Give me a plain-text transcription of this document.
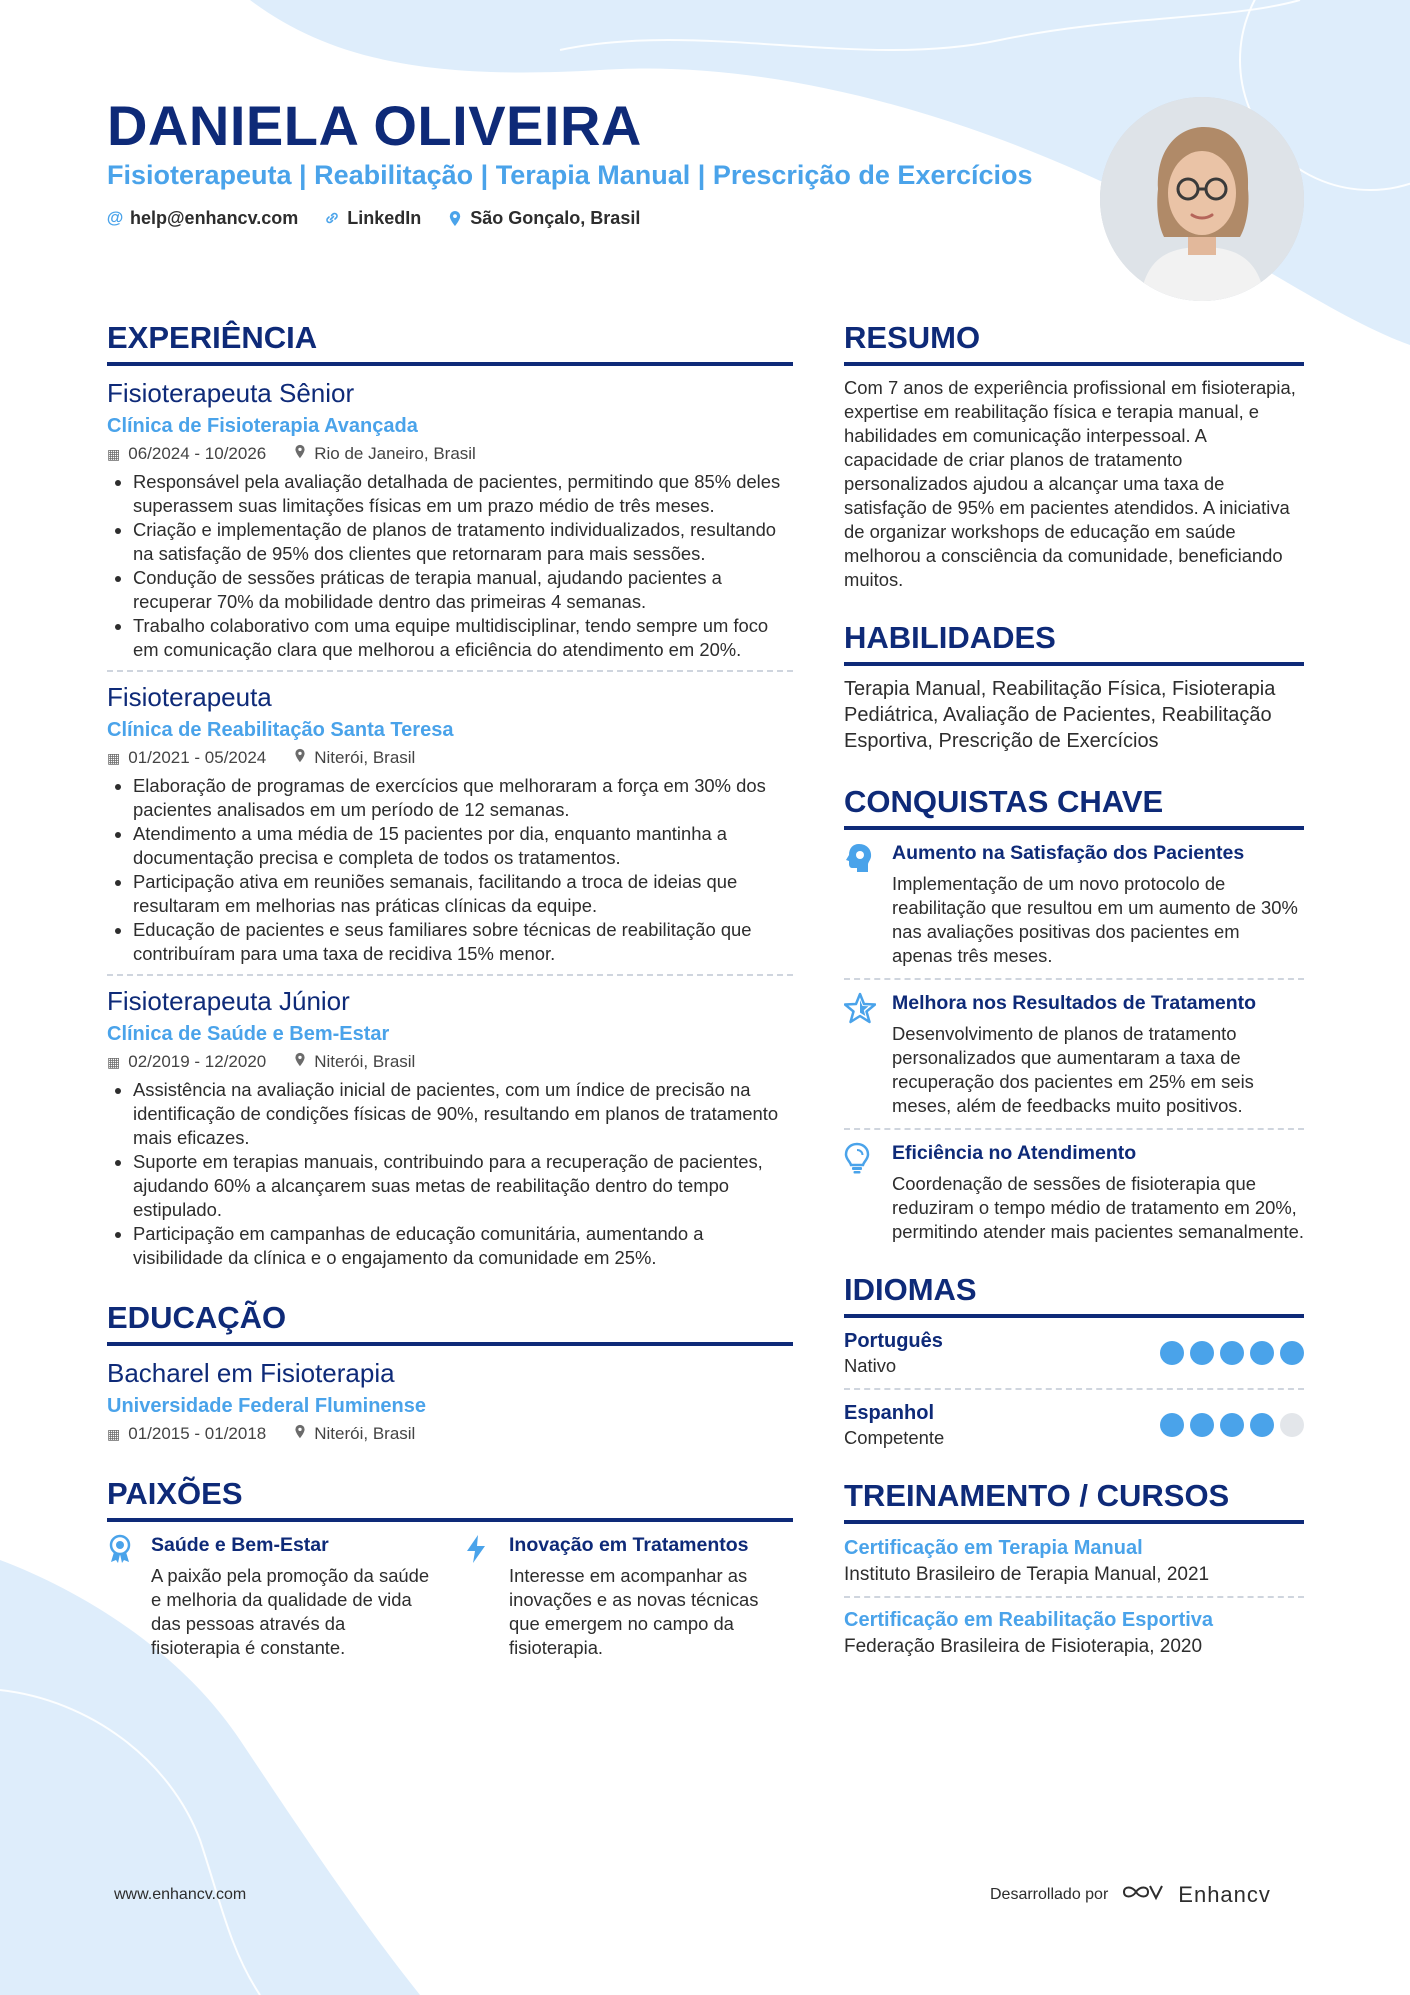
DANIELA OLIVEIRA
Fisioterapeuta | Reabilitação | Terapia Manual | Prescrição de Exercícios
@ help@enhancv.com	LinkedIn	São Gonçalo, Brasil
EXPERIÊNCIA
Fisioterapeuta Sênior
Clínica de Fisioterapia Avançada
▦ 06/2024 - 10/2026	Rio de Janeiro, Brasil
• Responsável pela avaliação detalhada de pacientes, permitindo que 85% deles superassem suas limitações físicas em um prazo médio de três meses.
• Criação e implementação de planos de tratamento individualizados, resultando na satisfação de 95% dos clientes que retornaram para mais sessões.
• Condução de sessões práticas de terapia manual, ajudando pacientes a recuperar 70% da mobilidade dentro das primeiras 4 semanas.
• Trabalho colaborativo com uma equipe multidisciplinar, tendo sempre um foco em comunicação clara que melhorou a eficiência do atendimento em 20%.
Fisioterapeuta
Clínica de Reabilitação Santa Teresa
▦ 01/2021 - 05/2024	Niterói, Brasil
• Elaboração de programas de exercícios que melhoraram a força em 30% dos pacientes analisados em um período de 12 semanas.
• Atendimento a uma média de 15 pacientes por dia, enquanto mantinha a documentação precisa e completa de todos os tratamentos.
• Participação ativa em reuniões semanais, facilitando a troca de ideias que resultaram em melhorias nas práticas clínicas da equipe.
• Educação de pacientes e seus familiares sobre técnicas de reabilitação que contribuíram para uma taxa de recidiva 15% menor.
Fisioterapeuta Júnior
Clínica de Saúde e Bem-Estar
▦ 02/2019 - 12/2020	Niterói, Brasil
• Assistência na avaliação inicial de pacientes, com um índice de precisão na identificação de condições físicas de 90%, resultando em planos de tratamento mais eficazes.
• Suporte em terapias manuais, contribuindo para a recuperação de pacientes, ajudando 60% a alcançarem suas metas de reabilitação dentro do tempo estipulado.
• Participação em campanhas de educação comunitária, aumentando a visibilidade da clínica e o engajamento da comunidade em 25%.
EDUCAÇÃO
Bacharel em Fisioterapia
Universidade Federal Fluminense
▦ 01/2015 - 01/2018	Niterói, Brasil
PAIXÕES
Saúde e Bem-Estar
A paixão pela promoção da saúde e melhoria da qualidade de vida das pessoas através da fisioterapia é constante.
Inovação em Tratamentos
Interesse em acompanhar as inovações e as novas técnicas que emergem no campo da fisioterapia.
RESUMO

Com 7 anos de experiência profissional em fisioterapia, expertise em reabilitação física e terapia manual, e habilidades em comunicação interpessoal. A capacidade de criar planos de tratamento personalizados ajudou a alcançar uma taxa de satisfação de 95% em pacientes atendidos. A iniciativa de organizar workshops de educação em saúde melhorou a consciência da comunidade, beneficiando muitos.

HABILIDADES

Terapia Manual, Reabilitação Física, Fisioterapia Pediátrica, Avaliação de Pacientes, Reabilitação Esportiva, Prescrição de Exercícios

CONQUISTAS CHAVE
Aumento na Satisfação dos Pacientes
Implementação de um novo protocolo de reabilitação que resultou em um aumento de 30% nas avaliações positivas dos pacientes em apenas três meses.
Melhora nos Resultados de Tratamento
Desenvolvimento de planos de tratamento personalizados que aumentaram a taxa de recuperação dos pacientes em 25% em seis meses, além de feedbacks muito positivos.
Eficiência no Atendimento
Coordenação de sessões de fisioterapia que reduziram o tempo médio de tratamento em 20%, permitindo atender mais pacientes semanalmente.
IDIOMAS
Português
Nativo
Espanhol
Competente
TREINAMENTO / CURSOS
Certificação em Terapia Manual
Instituto Brasileiro de Terapia Manual, 2021
Certificação em Reabilitação Esportiva
Federação Brasileira de Fisioterapia, 2020
www.enhancv.com	Desarrollado por	Enhancv
